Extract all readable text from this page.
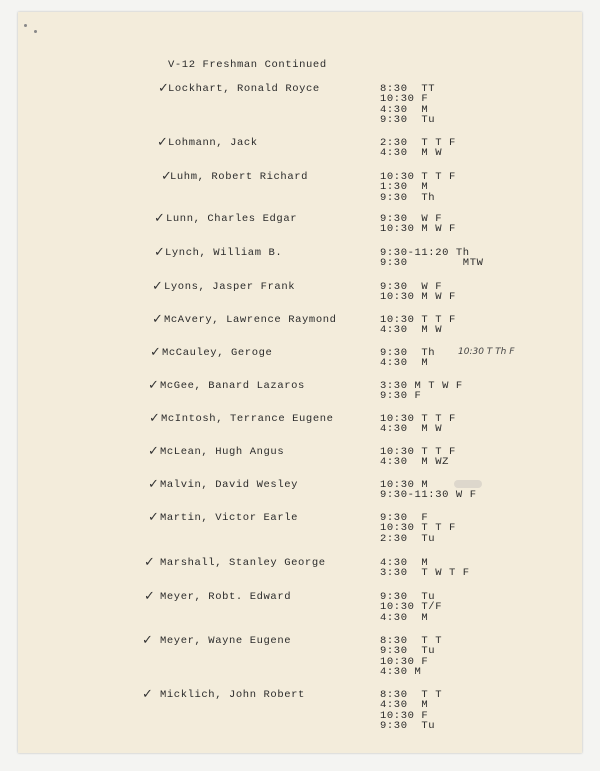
V-12 Freshman Continued
✓ Lockhart, Ronald Royce	8:30  TT
10:30 F
4:30  M
9:30  Tu
✓ Lohmann, Jack	2:30  T T F
4:30  M W
✓
Luhm, Robert Richard	10:30 T T F
1:30  M
9:30  Th
✓ Lunn, Charles Edgar	9:30  W F
10:30 M W F
✓ Lynch, William B.	9:30-11:20 Th
9:30        MTW
✓ Lyons, Jasper Frank	9:30  W F
10:30 M W F
✓ McAvery, Lawrence Raymond	10:30 T T F
4:30  M W
✓ McCauley, Geroge	9:30  Th
4:30  M
10:30 T Th F
✓ McGee, Banard Lazaros	3:30 M T W F
9:30 F
✓ McIntosh, Terrance Eugene	10:30 T T F
4:30  M W
✓ McLean, Hugh Angus	10:30 T T F
4:30  M WZ
✓ Malvin, David Wesley	10:30 M
9:30-11:30 W F
✓ Martin, Victor Earle	9:30  F
10:30 T T F
2:30  Tu
✓ Marshall, Stanley George	4:30  M
3:30  T W T F
✓ Meyer, Robt. Edward	9:30  Tu
10:30 T/F
4:30  M
✓ Meyer, Wayne Eugene	8:30  T T
9:30  Tu
10:30 F
4:30 M
✓ Micklich, John Robert	8:30  T T
4:30  M
10:30 F
9:30  Tu
